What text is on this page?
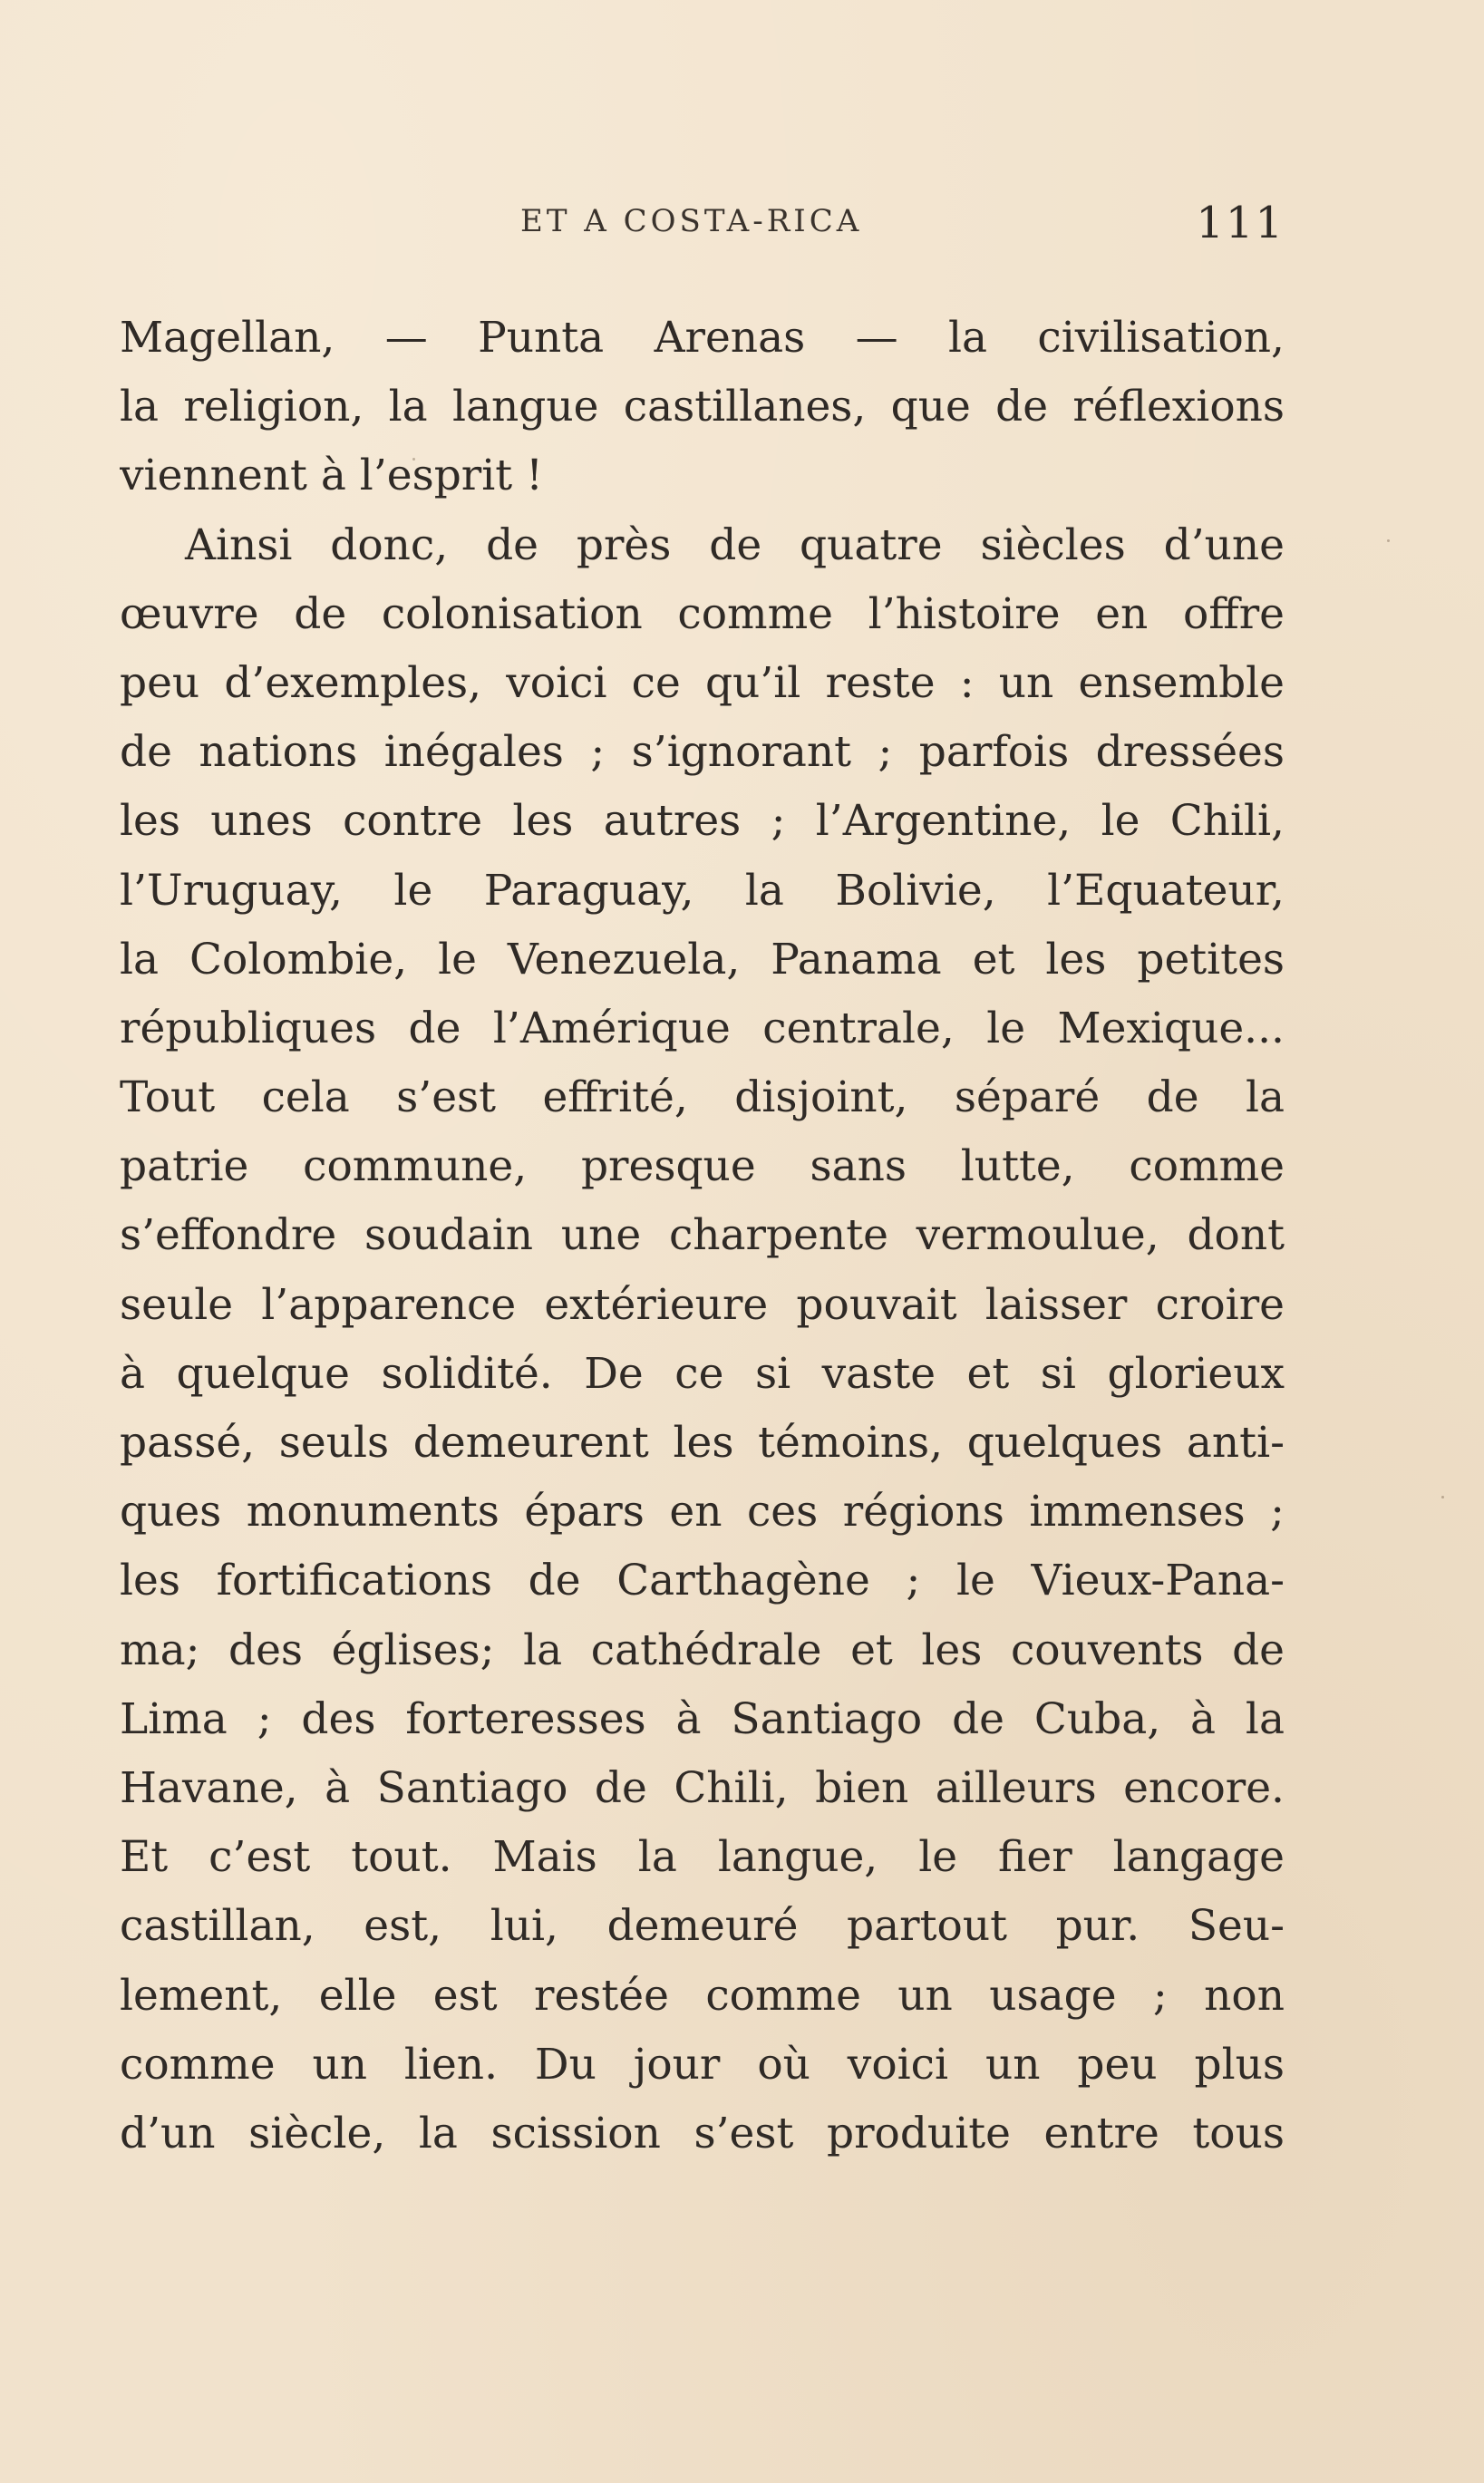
ET A COSTA-RICA	111
Magellan, — Punta Arenas — la civilisation,
la religion, la langue castillanes, que de réflexions
viennent à l’esprit !
Ainsi donc, de près de quatre siècles d’une
œuvre de colonisation comme l’histoire en offre
peu d’exemples, voici ce qu’il reste : un ensemble
de nations inégales ; s’ignorant ; parfois dressées
les unes contre les autres ; l’Argentine, le Chili,
l’Uruguay, le Paraguay, la Bolivie, l’Equateur,
la Colombie, le Venezuela, Panama et les petites
républiques de l’Amérique centrale, le Mexique...
Tout cela s’est effrité, disjoint, séparé de la
patrie commune, presque sans lutte, comme
s’effondre soudain une charpente vermoulue, dont
seule l’apparence extérieure pouvait laisser croire
à quelque solidité. De ce si vaste et si glorieux
passé, seuls demeurent les témoins, quelques anti-
ques monuments épars en ces régions immenses ;
les fortifications de Carthagène ; le Vieux-Pana-
ma; des églises; la cathédrale et les couvents de
Lima ; des forteresses à Santiago de Cuba, à la
Havane, à Santiago de Chili, bien ailleurs encore.
Et c’est tout. Mais la langue, le fier langage
castillan, est, lui, demeuré partout pur. Seu-
lement, elle est restée comme un usage ; non
comme un lien. Du jour où voici un peu plus
d’un siècle, la scission s’est produite entre tous
